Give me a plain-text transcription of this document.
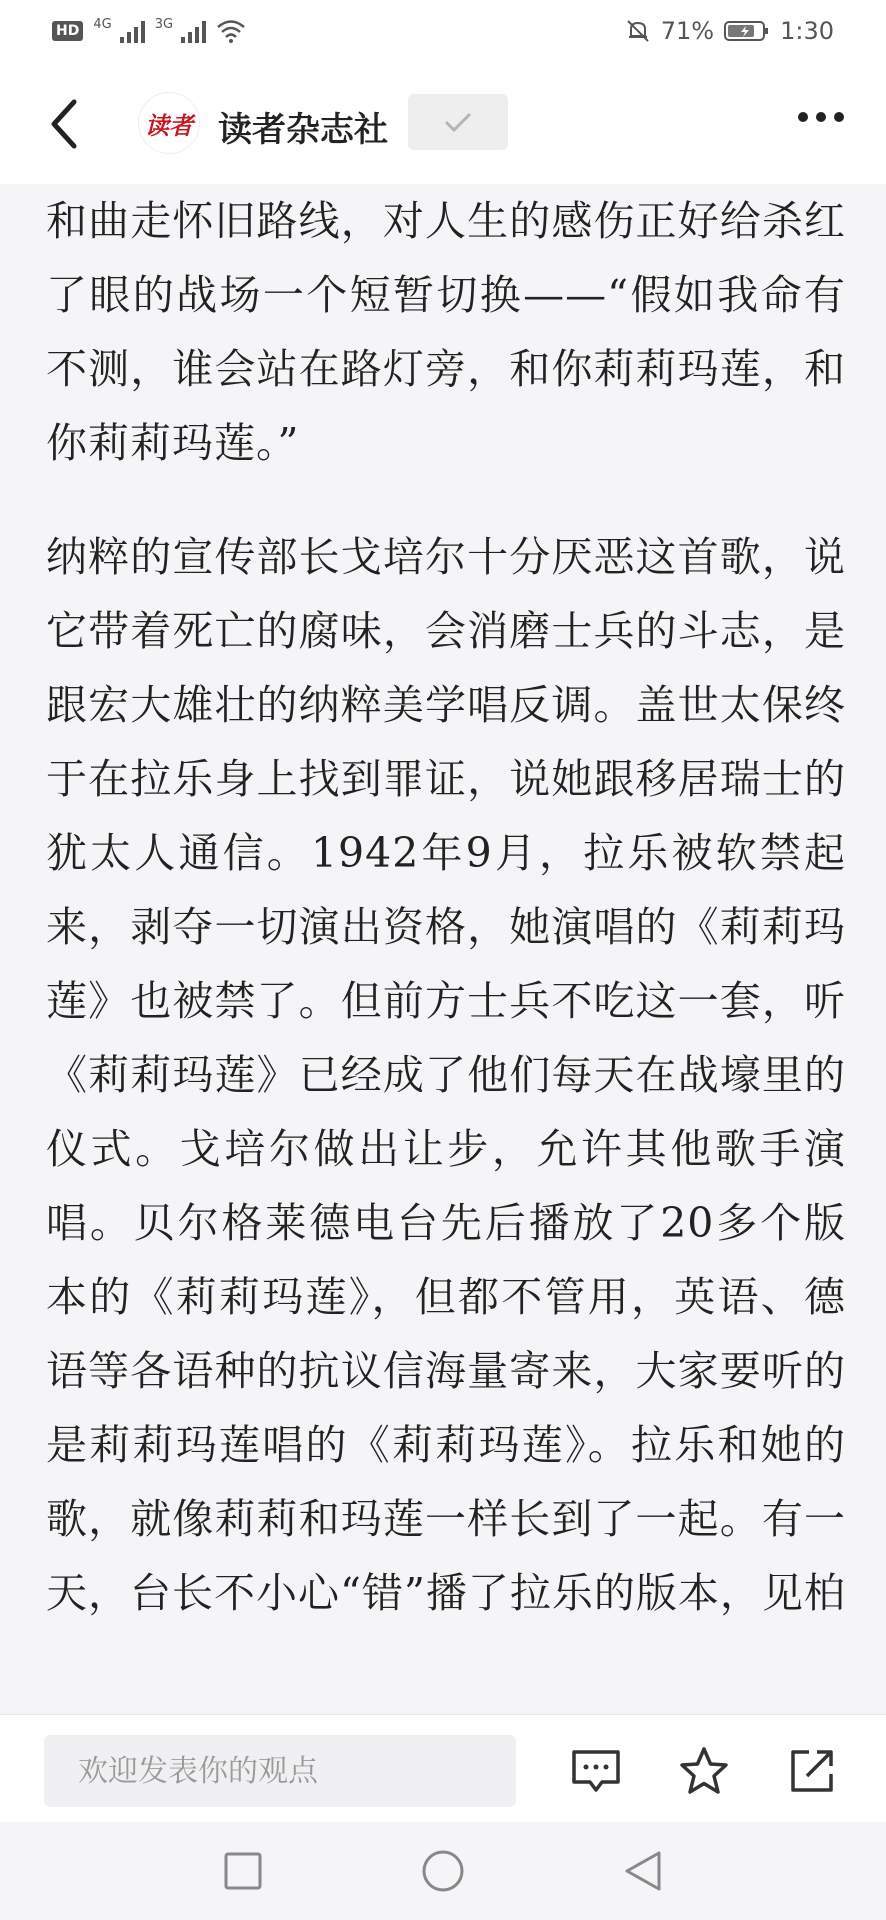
HD	4G	3G	71%	1:30
读者 读者杂志社

和曲走怀旧路线，对人生的感伤正好给杀红了眼的战场一个短暂切换——“假如我命有不测，谁会站在路灯旁，和你莉莉玛莲，和你莉莉玛莲。”

纳粹的宣传部长戈培尔十分厌恶这首歌，说它带着死亡的腐味，会消磨士兵的斗志，是跟宏大雄壮的纳粹美学唱反调。盖世太保终于在拉乐身上找到罪证，说她跟移居瑞士的犹太人通信。1942年9月，拉乐被软禁起来，剥夺一切演出资格，她演唱的《莉莉玛莲》也被禁了。但前方士兵不吃这一套，听《莉莉玛莲》已经成了他们每天在战壕里的仪式。戈培尔做出让步，允许其他歌手演唱。贝尔格莱德电台先后播放了20多个版本的《莉莉玛莲》，但都不管用，英语、德语等各语种的抗议信海量寄来，大家要听的是莉莉玛莲唱的《莉莉玛莲》。拉乐和她的歌，就像莉莉和玛莲一样长到了一起。有一天，台长不小心“错”播了拉乐的版本，见柏

欢迎发表你的观点
